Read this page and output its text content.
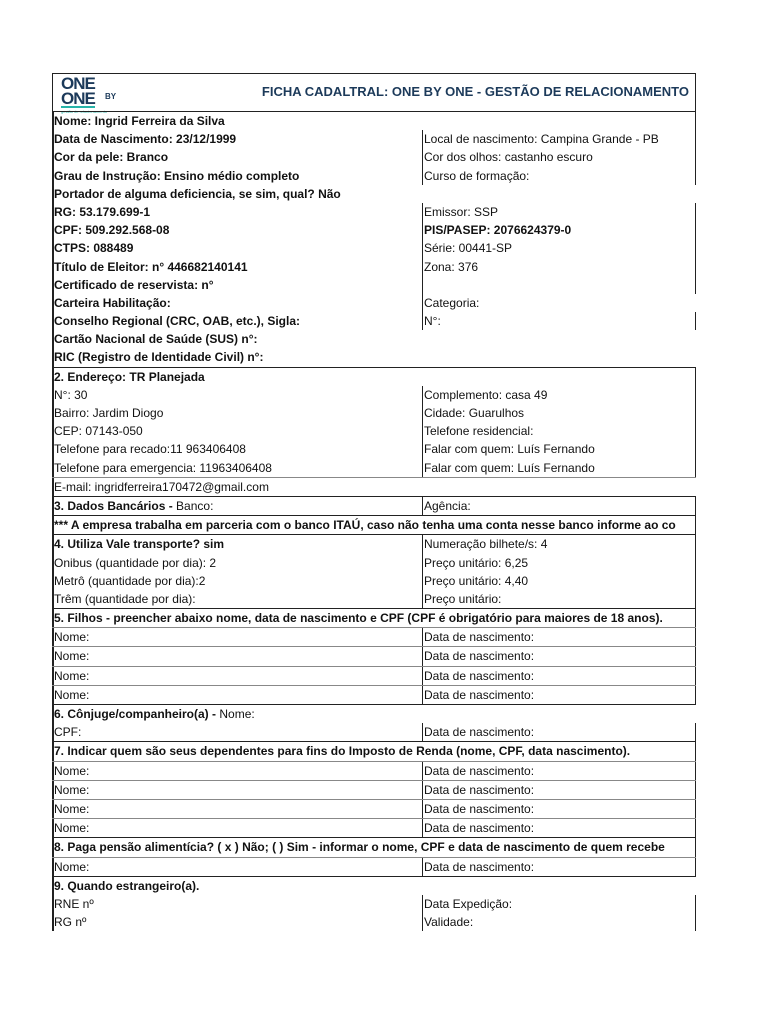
ONE
BY
ONE
gestão de relacionamento
FICHA CADALTRAL: ONE BY ONE - GESTÃO DE RELACIONAMENTO
Nome: Ingrid Ferreira da Silva
Data de Nascimento: 23/12/1999	Local de nascimento: Campina Grande - PB
Cor da pele: Branco	Cor dos olhos: castanho escuro
Grau de Instrução: Ensino médio completo	Curso de formação:
Portador de alguma deficiencia, se sim, qual? Não
RG: 53.179.699-1	Emissor: SSP
CPF: 509.292.568-08	PIS/PASEP: 2076624379-0
CTPS: 088489	Série: 00441-SP
Título de Eleitor: n° 446682140141	Zona: 376
Certificado de reservista: n°
Carteira Habilitação:	Categoria:
Conselho Regional (CRC, OAB, etc.), Sigla:	N°:
Cartão Nacional de Saúde (SUS) n°:
RIC (Registro de Identidade Civil) n°:
2. Endereço: TR Planejada
N°: 30	Complemento: casa 49
Bairro: Jardim Diogo	Cidade: Guarulhos
CEP: 07143-050	Telefone residencial:
Telefone para recado:11 963406408	Falar com quem: Luís Fernando
Telefone para emergencia: 11963406408	Falar com quem: Luís Fernando
E-mail: ingridferreira170472@gmail.com
3. Dados Bancários - Banco:	Agência:
*** A empresa trabalha em parceria com o banco ITAÚ, caso não tenha uma conta nesse banco informe ao co
4. Utiliza Vale transporte? sim	Numeração bilhete/s: 4
Onibus (quantidade por dia): 2	Preço unitário: 6,25
Metrô (quantidade por dia):2	Preço unitário: 4,40
Trêm (quantidade por dia):	Preço unitário:
5. Filhos - preencher abaixo nome, data de nascimento e CPF (CPF é obrigatório para maiores de 18 anos).
Nome:	Data de nascimento:
Nome:	Data de nascimento:
Nome:	Data de nascimento:
Nome:	Data de nascimento:
6. Cônjuge/companheiro(a) - Nome:
CPF:	Data de nascimento:
7. Indicar quem são seus dependentes para fins do Imposto de Renda (nome, CPF, data nascimento).
Nome:	Data de nascimento:
Nome:	Data de nascimento:
Nome:	Data de nascimento:
Nome:	Data de nascimento:
8. Paga pensão alimentícia? ( x ) Não; ( ) Sim - informar o nome, CPF e data de nascimento de quem recebe
Nome:	Data de nascimento:
9. Quando estrangeiro(a).
RNE nº	Data Expedição:
RG nº	Validade:
